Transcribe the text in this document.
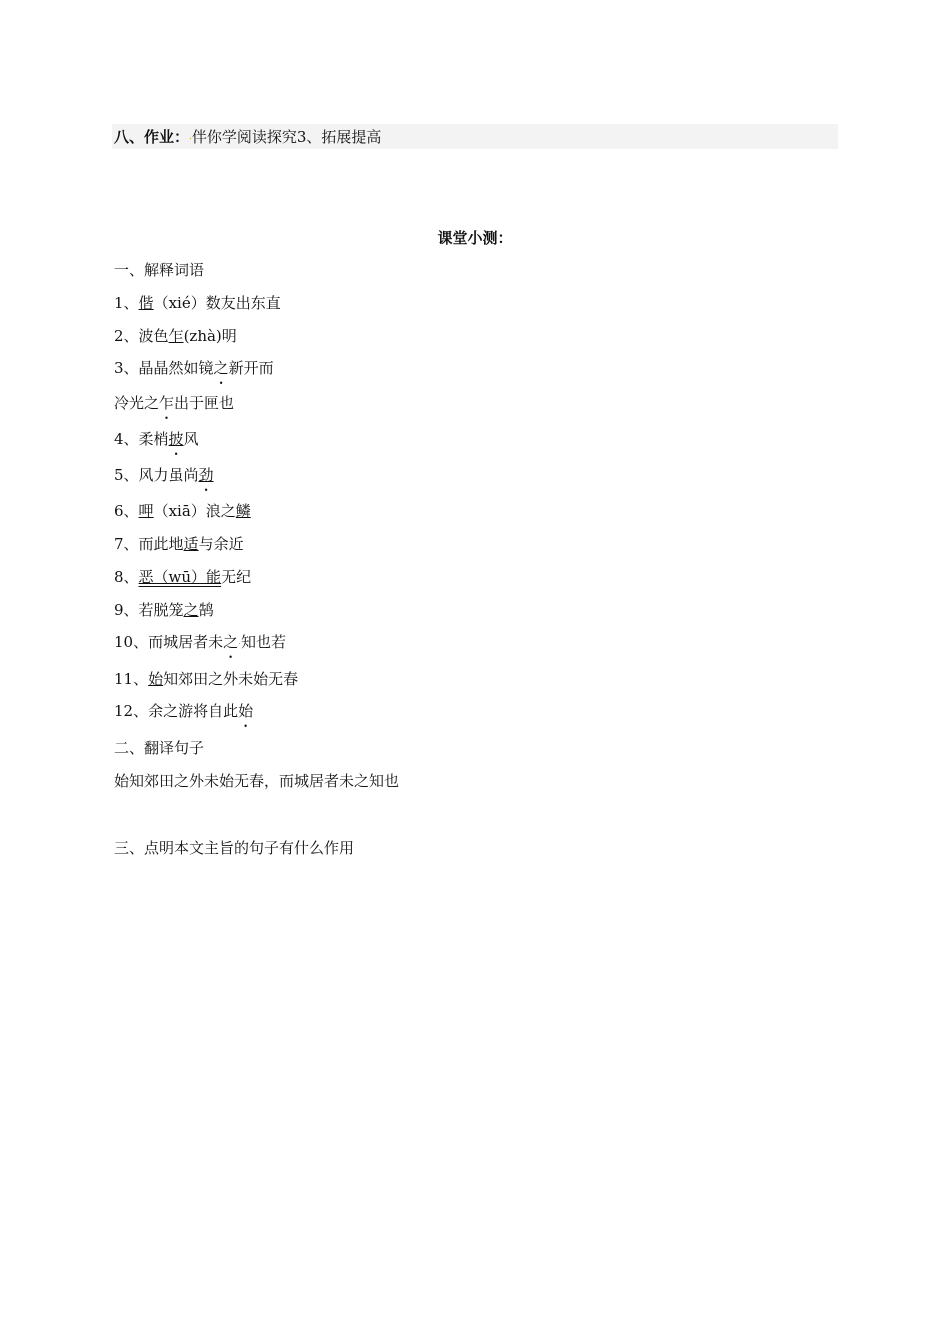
八、作业：.伴你学阅读探究3、拓展提高
课堂小测：
一、解释词语
1、偕（xié）数友出东直
2、波色乍(zhà)明
3、晶晶然如镜之新开而
冷光之乍出于匣也
4、柔梢披风
5、风力虽尚劲
6、呷（xiā）浪之鳞
7、而此地适与余近
8、恶（wū）能无纪
9、若脱笼之鹄
10、而城居者未之.知也若
11、始知郊田之外未始无春
12、余之游将自此始
二、翻译句子
始知郊田之外未始无春，而城居者未之知也
三、点明本文主旨的句子有什么作用
